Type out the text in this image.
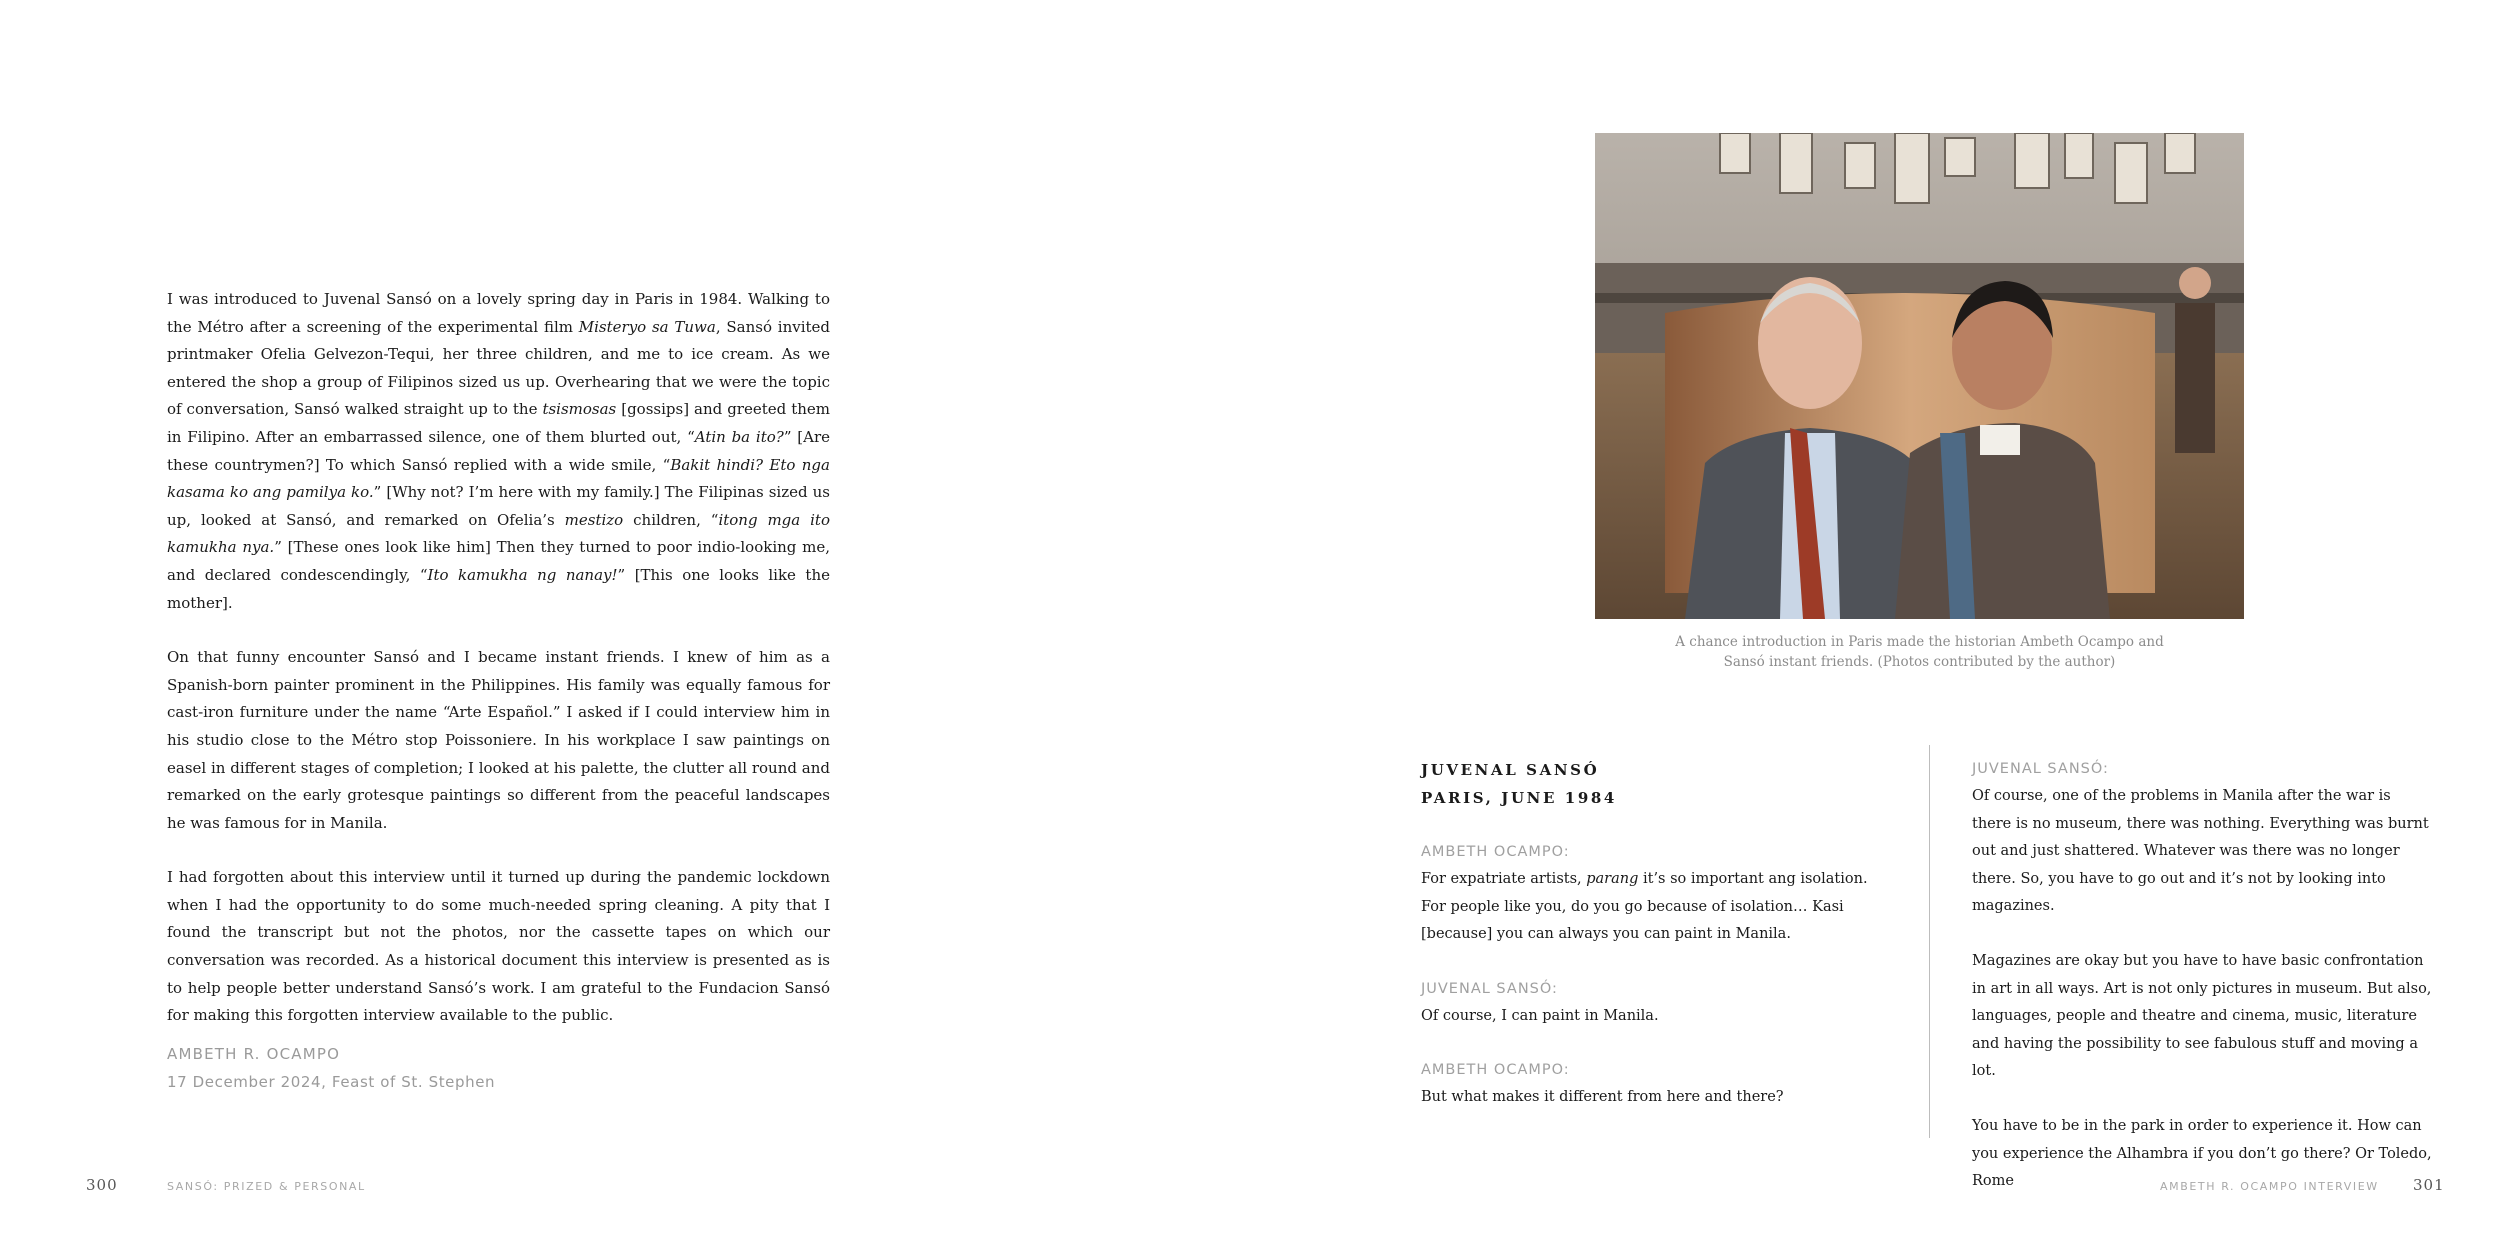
I was introduced to Juvenal Sansó on a lovely spring day in Paris in 1984. Walking to the Métro after a screening of the experimental film Misteryo sa Tuwa, Sansó invited printmaker Ofelia Gelvezon-Tequi, her three children, and me to ice cream. As we entered the shop a group of Filipinos sized us up. Overhearing that we were the topic of conversation, Sansó walked straight up to the tsismosas [gossips] and greeted them in Filipino. After an embarrassed silence, one of them blurted out, “Atin ba ito?” [Are these countrymen?] To which Sansó replied with a wide smile, “Bakit hindi? Eto nga kasama ko ang pamilya ko.” [Why not? I’m here with my family.] The Filipinas sized us up, looked at Sansó, and remarked on Ofelia’s mestizo children, “itong mga ito kamukha nya.” [These ones look like him] Then they turned to poor indio-looking me, and declared condescendingly, “Ito kamukha ng nanay!” [This one looks like the mother].

On that funny encounter Sansó and I became instant friends. I knew of him as a Spanish-born painter prominent in the Philippines. His family was equally famous for cast-iron furniture under the name “Arte Español.” I asked if I could interview him in his studio close to the Métro stop Poissoniere. In his workplace I saw paintings on easel in different stages of completion; I looked at his palette, the clutter all round and remarked on the early grotesque paintings so different from the peaceful landscapes he was famous for in Manila.

I had forgotten about this interview until it turned up during the pandemic lockdown when I had the opportunity to do some much-needed spring cleaning. A pity that I found the transcript but not the photos, nor the cassette tapes on which our conversation was recorded. As a historical document this interview is presented as is to help people better understand Sansó’s work. I am grateful to the Fundacion Sansó for making this forgotten interview available to the public.

AMBETH R. OCAMPO
17 December 2024, Feast of St. Stephen
300	SANSÓ: PRIZED & PERSONAL
A chance introduction in Paris made the historian Ambeth Ocampo and
Sansó instant friends. (Photos contributed by the author)
JUVENAL SANSÓ
PARIS, JUNE 1984
AMBETH OCAMPO:

For expatriate artists, parang it’s so important ang isolation. For people like you, do you go because of isolation… Kasi [because] you can always you can paint in Manila.

JUVENAL SANSÓ:

Of course, I can paint in Manila.

AMBETH OCAMPO:

But what makes it different from here and there?

JUVENAL SANSÓ:

Of course, one of the problems in Manila after the war is there is no museum, there was nothing. Everything was burnt out and just shattered. Whatever was there was no longer there. So, you have to go out and it’s not by looking into magazines.

Magazines are okay but you have to have basic confrontation in art in all ways. Art is not only pictures in museum. But also, languages, people and theatre and cinema, music, literature and having the possibility to see fabulous stuff and moving a lot.

You have to be in the park in order to experience it. How can you experience the Alhambra if you don’t go there? Or Toledo, Rome	AMBETH R. OCAMPO INTERVIEW 301
